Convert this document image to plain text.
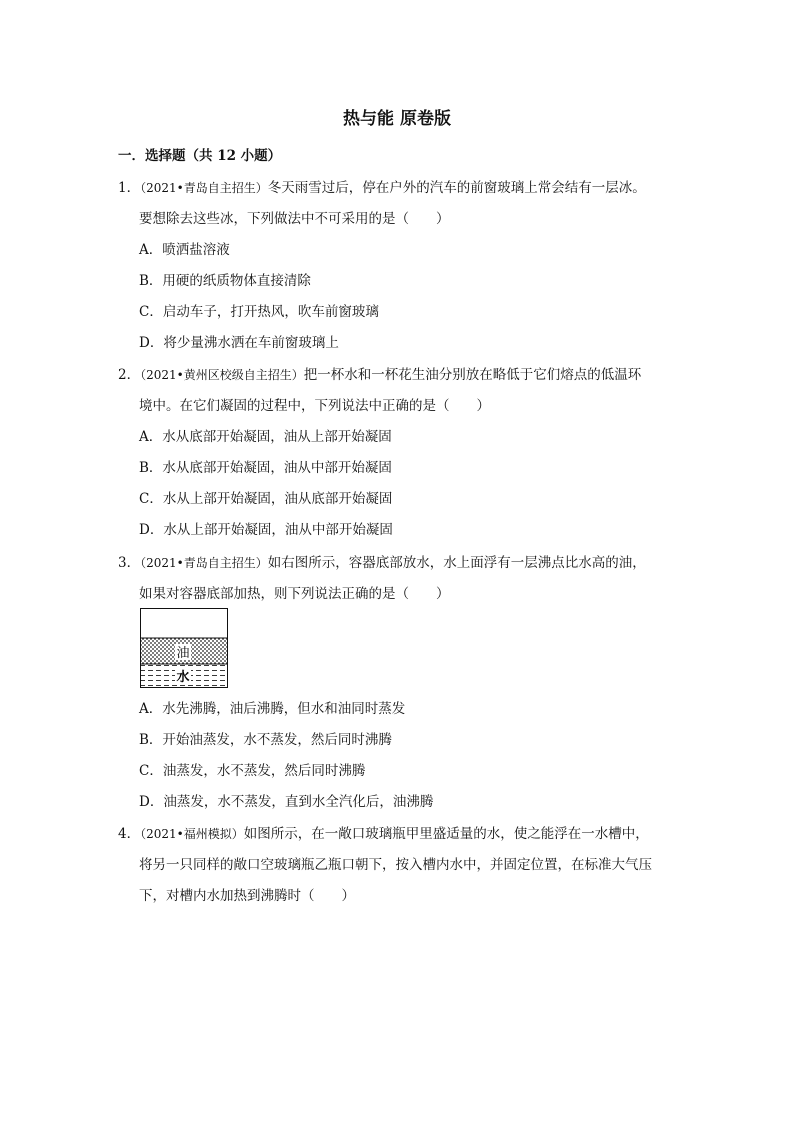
热与能 原卷版
一．选择题（共 12 小题）
1．（2021•青岛自主招生）冬天雨雪过后，停在户外的汽车的前窗玻璃上常会结有一层冰。
要想除去这些冰，下列做法中不可采用的是（　　）
A．喷洒盐溶液
B．用硬的纸质物体直接清除
C．启动车子，打开热风，吹车前窗玻璃
D．将少量沸水洒在车前窗玻璃上
2．（2021•黄州区校级自主招生）把一杯水和一杯花生油分别放在略低于它们熔点的低温环
境中。在它们凝固的过程中，下列说法中正确的是（　　）
A．水从底部开始凝固，油从上部开始凝固
B．水从底部开始凝固，油从中部开始凝固
C．水从上部开始凝固，油从底部开始凝固
D．水从上部开始凝固，油从中部开始凝固
3．（2021•青岛自主招生）如右图所示，容器底部放水，水上面浮有一层沸点比水高的油，
如果对容器底部加热，则下列说法正确的是（　　）
油
水
A．水先沸腾，油后沸腾，但水和油同时蒸发
B．开始油蒸发，水不蒸发，然后同时沸腾
C．油蒸发，水不蒸发，然后同时沸腾
D．油蒸发，水不蒸发，直到水全汽化后，油沸腾
4．（2021•福州模拟）如图所示，在一敞口玻璃瓶甲里盛适量的水，使之能浮在一水槽中，
将另一只同样的敞口空玻璃瓶乙瓶口朝下，按入槽内水中，并固定位置，在标准大气压
下，对槽内水加热到沸腾时（　　）
